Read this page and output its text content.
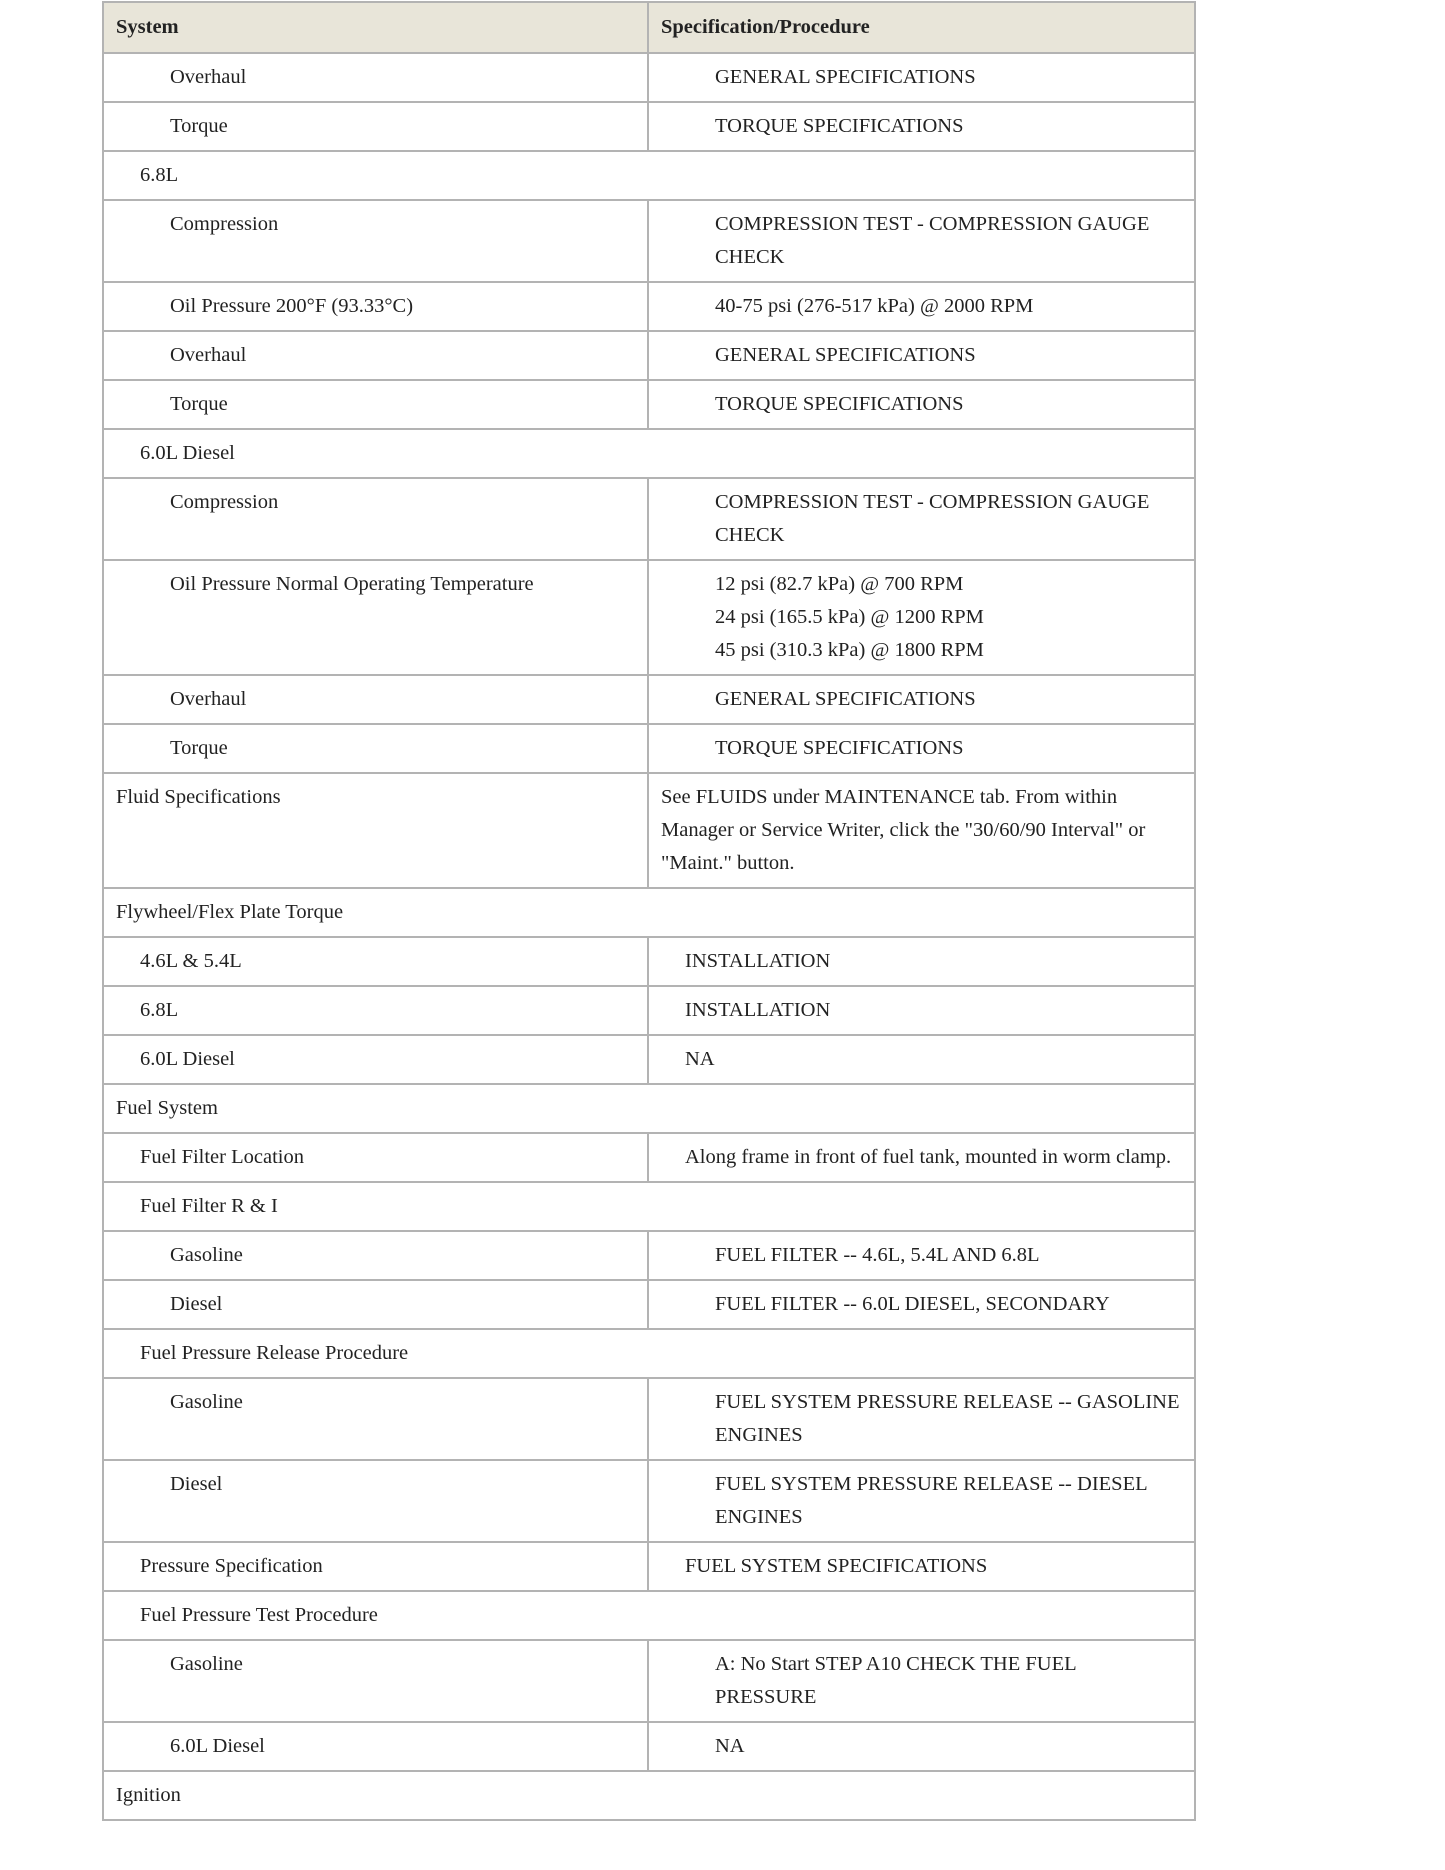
System	Specification/Procedure
Overhaul	GENERAL SPECIFICATIONS
Torque	TORQUE SPECIFICATIONS
6.8L	
Compression	COMPRESSION TEST - COMPRESSION GAUGE CHECK
Oil Pressure 200°F (93.33°C)	40-75 psi (276-517 kPa) @ 2000 RPM
Overhaul	GENERAL SPECIFICATIONS
Torque	TORQUE SPECIFICATIONS
6.0L Diesel	
Compression	COMPRESSION TEST - COMPRESSION GAUGE CHECK
Oil Pressure Normal Operating Temperature	12 psi (82.7 kPa) @ 700 RPM
24 psi (165.5 kPa) @ 1200 RPM
45 psi (310.3 kPa) @ 1800 RPM

Overhaul	GENERAL SPECIFICATIONS
Torque	TORQUE SPECIFICATIONS
Fluid Specifications	See FLUIDS under MAINTENANCE tab. From within Manager or Service Writer, click the "30/60/90 Interval" or "Maint." button.
Flywheel/Flex Plate Torque	
4.6L & 5.4L	INSTALLATION
6.8L	INSTALLATION
6.0L Diesel	NA
Fuel System	
Fuel Filter Location	Along frame in front of fuel tank, mounted in worm clamp.
Fuel Filter R & I	
Gasoline	FUEL FILTER -- 4.6L, 5.4L AND 6.8L
Diesel	FUEL FILTER -- 6.0L DIESEL, SECONDARY
Fuel Pressure Release Procedure	
Gasoline	FUEL SYSTEM PRESSURE RELEASE -- GASOLINE ENGINES
Diesel	FUEL SYSTEM PRESSURE RELEASE -- DIESEL ENGINES
Pressure Specification	FUEL SYSTEM SPECIFICATIONS
Fuel Pressure Test Procedure	
Gasoline	A: No Start STEP A10 CHECK THE FUEL PRESSURE
6.0L Diesel	NA
Ignition	
